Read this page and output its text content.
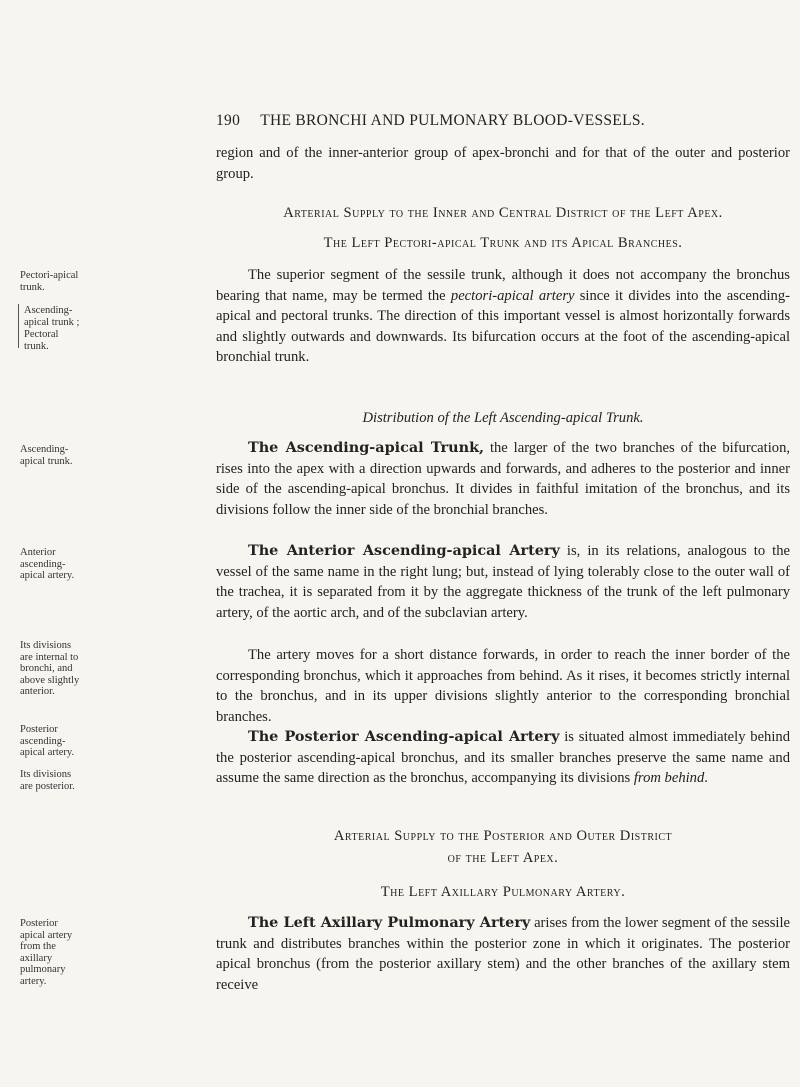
190 THE BRONCHI AND PULMONARY BLOOD-VESSELS.

region and of the inner-anterior group of apex-bronchi and for that of the outer and posterior group.

Arterial Supply to the Inner and Central District of the Left Apex.
The Left Pectori-apical Trunk and its Apical Branches.

The superior segment of the sessile trunk, although it does not accompany the bronchus bearing that name, may be termed the pectori-apical artery since it divides into the ascending-apical and pectoral trunks. The direction of this important vessel is almost horizontally forwards and slightly outwards and downwards. Its bifurcation occurs at the foot of the ascending-apical bronchial trunk.

Distribution of the Left Ascending-apical Trunk.

The Ascending-apical Trunk, the larger of the two branches of the bifurcation, rises into the apex with a direction upwards and forwards, and adheres to the posterior and inner side of the ascending-apical bronchus. It divides in faithful imitation of the bronchus, and its divisions follow the inner side of the bronchial branches.

The Anterior Ascending-apical Artery is, in its relations, analogous to the vessel of the same name in the right lung; but, instead of lying tolerably close to the outer wall of the trachea, it is separated from it by the aggregate thickness of the trunk of the left pulmonary artery, of the aortic arch, and of the subclavian artery.

The artery moves for a short distance forwards, in order to reach the inner border of the corresponding bronchus, which it approaches from behind. As it rises, it becomes strictly internal to the bronchus, and in its upper divisions slightly anterior to the corresponding bronchial branches.

The Posterior Ascending-apical Artery is situated almost immediately behind the posterior ascending-apical bronchus, and its smaller branches preserve the same name and assume the same direction as the bronchus, accompanying its divisions from behind.

Arterial Supply to the Posterior and Outer District
of the Left Apex.
The Left Axillary Pulmonary Artery.

The Left Axillary Pulmonary Artery arises from the lower segment of the sessile trunk and distributes branches within the posterior zone in which it originates. The posterior apical bronchus (from the posterior axillary stem) and the other branches of the axillary stem receive

Pectori-apical trunk.
Ascending-apical trunk ;
Pectoral trunk.
Ascending-apical trunk.
Anterior ascending-apical artery.
Its divisions are internal to bronchi, and above slightly anterior.
Posterior ascending-apical artery.
Its divisions are posterior.
Posterior apical artery from the axillary pulmonary artery.
